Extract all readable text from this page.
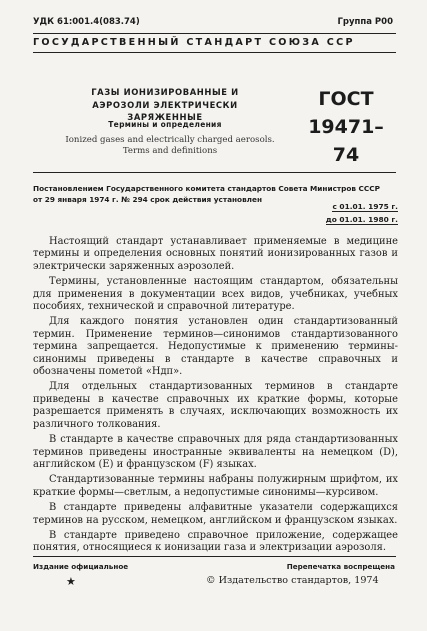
УДК 61:001.4(083.74)	Группа Р00
ГОСУДАРСТВЕННЫЙ СТАНДАРТ СОЮЗА ССР
ГАЗЫ ИОНИЗИРОВАННЫЕ И
АЭРОЗОЛИ ЭЛЕКТРИЧЕСКИ ЗАРЯЖЕННЫЕ
Термины и определения
ГОСТ
19471–74
Ionized gases and electrically charged aerosols.
Terms and definitions
Постановлением Государственного комитета стандартов Совета Министров СССР
от 29 января 1974 г. № 294 срок действия установлен
с 01.01. 1975 г.
до 01.01. 1980 г.

Настоящий стандарт устанавливает применяемые в медицине термины и определения основных понятий ионизированных газов и электрически заряженных аэрозолей.

Термины, установленные настоящим стандартом, обязательны для применения в документации всех видов, учебниках, учебных пособиях, технической и справочной литературе.

Для каждого понятия установлен один стандартизованный термин. Применение терминов—синонимов стандартизованного термина запрещается. Недопустимые к применению термины-синонимы приведены в стандарте в качестве справочных и обозначены пометой «Ндп».

Для отдельных стандартизованных терминов в стандарте приведены в качестве справочных их краткие формы, которые разрешается применять в случаях, исключающих возможность их различного толкования.

В стандарте в качестве справочных для ряда стандартизованных терминов приведены иностранные эквиваленты на немецком (D), английском (Е) и французском (F) языках.

Стандартизованные термины набраны полужирным шрифтом, их краткие формы—светлым, а недопустимые синонимы—курсивом.

В стандарте приведены алфавитные указатели содержащихся терминов на русском, немецком, английском и французском языках.

В стандарте приведено справочное приложение, содержащее понятия, относящиеся к ионизации газа и электризации аэрозоля.

Издание официальное	Перепечатка воспрещена
★	© Издательство стандартов, 1974
